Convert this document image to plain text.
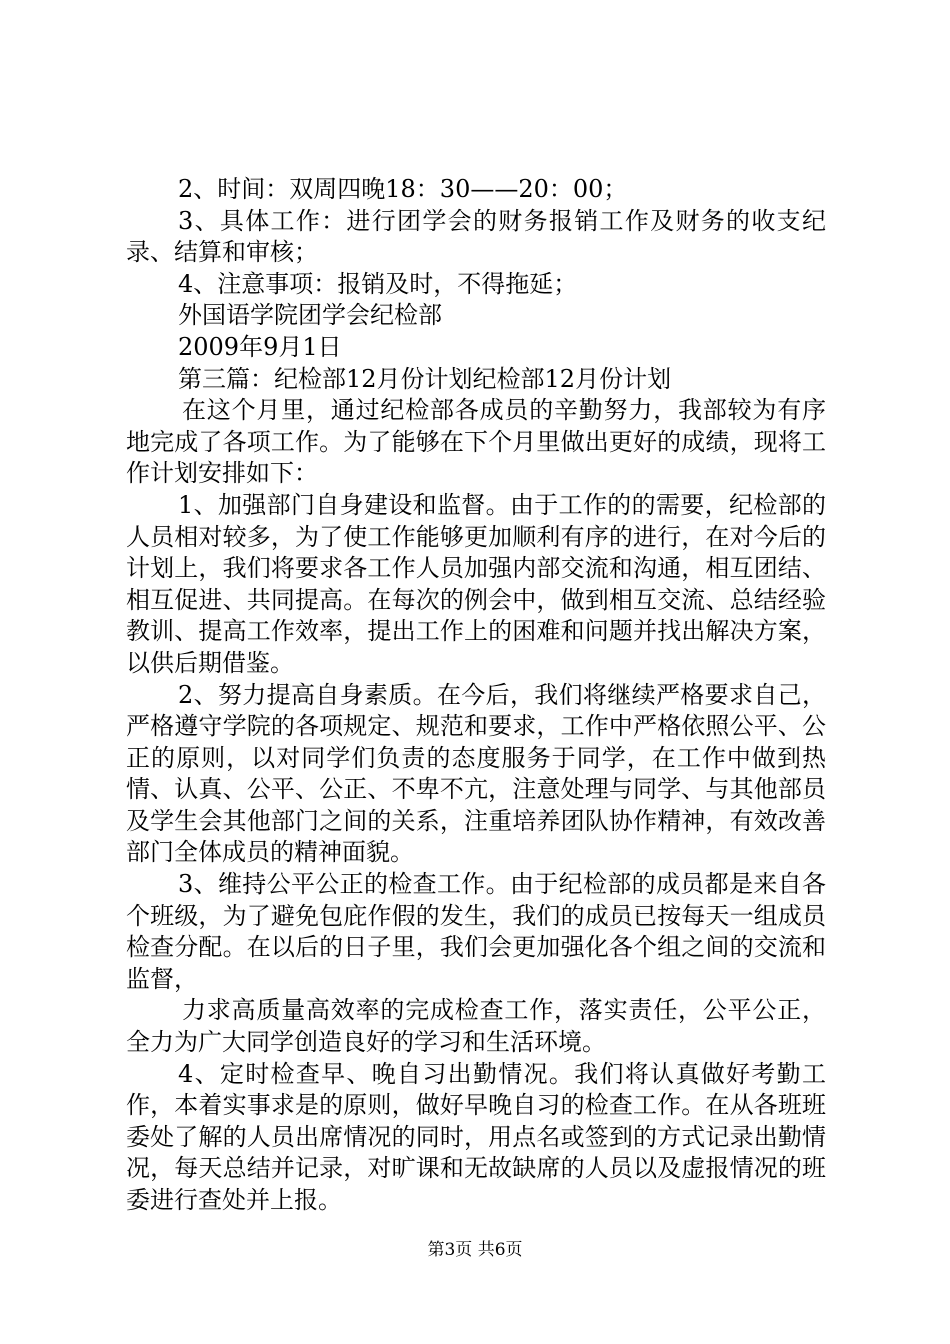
2、时间：双周四晚18：30——20：00；

3、具体工作：进行团学会的财务报销工作及财务的收支纪录、结算和审核；

4、注意事项：报销及时，不得拖延；

外国语学院团学会纪检部

2009年9月1日

第三篇：纪检部12月份计划纪检部12月份计划

在这个月里，通过纪检部各成员的辛勤努力，我部较为有序地完成了各项工作。为了能够在下个月里做出更好的成绩，现将工作计划安排如下：

1、加强部门自身建设和监督。由于工作的的需要，纪检部的人员相对较多，为了使工作能够更加顺利有序的进行，在对今后的计划上，我们将要求各工作人员加强内部交流和沟通，相互团结、相互促进、共同提高。在每次的例会中，做到相互交流、总结经验教训、提高工作效率，提出工作上的困难和问题并找出解决方案，以供后期借鉴。

2、努力提高自身素质。在今后，我们将继续严格要求自己，严格遵守学院的各项规定、规范和要求，工作中严格依照公平、公正的原则，以对同学们负责的态度服务于同学，在工作中做到热情、认真、公平、公正、不卑不亢，注意处理与同学、与其他部员及学生会其他部门之间的关系，注重培养团队协作精神，有效改善部门全体成员的精神面貌。

3、维持公平公正的检查工作。由于纪检部的成员都是来自各个班级，为了避免包庇作假的发生，我们的成员已按每天一组成员检查分配。在以后的日子里，我们会更加强化各个组之间的交流和监督，

力求高质量高效率的完成检查工作，落实责任，公平公正，全力为广大同学创造良好的学习和生活环境。

4、定时检查早、晚自习出勤情况。我们将认真做好考勤工作，本着实事求是的原则，做好早晚自习的检查工作。在从各班班委处了解的人员出席情况的同时，用点名或签到的方式记录出勤情况，每天总结并记录，对旷课和无故缺席的人员以及虚报情况的班委进行查处并上报。

第3页 共6页
